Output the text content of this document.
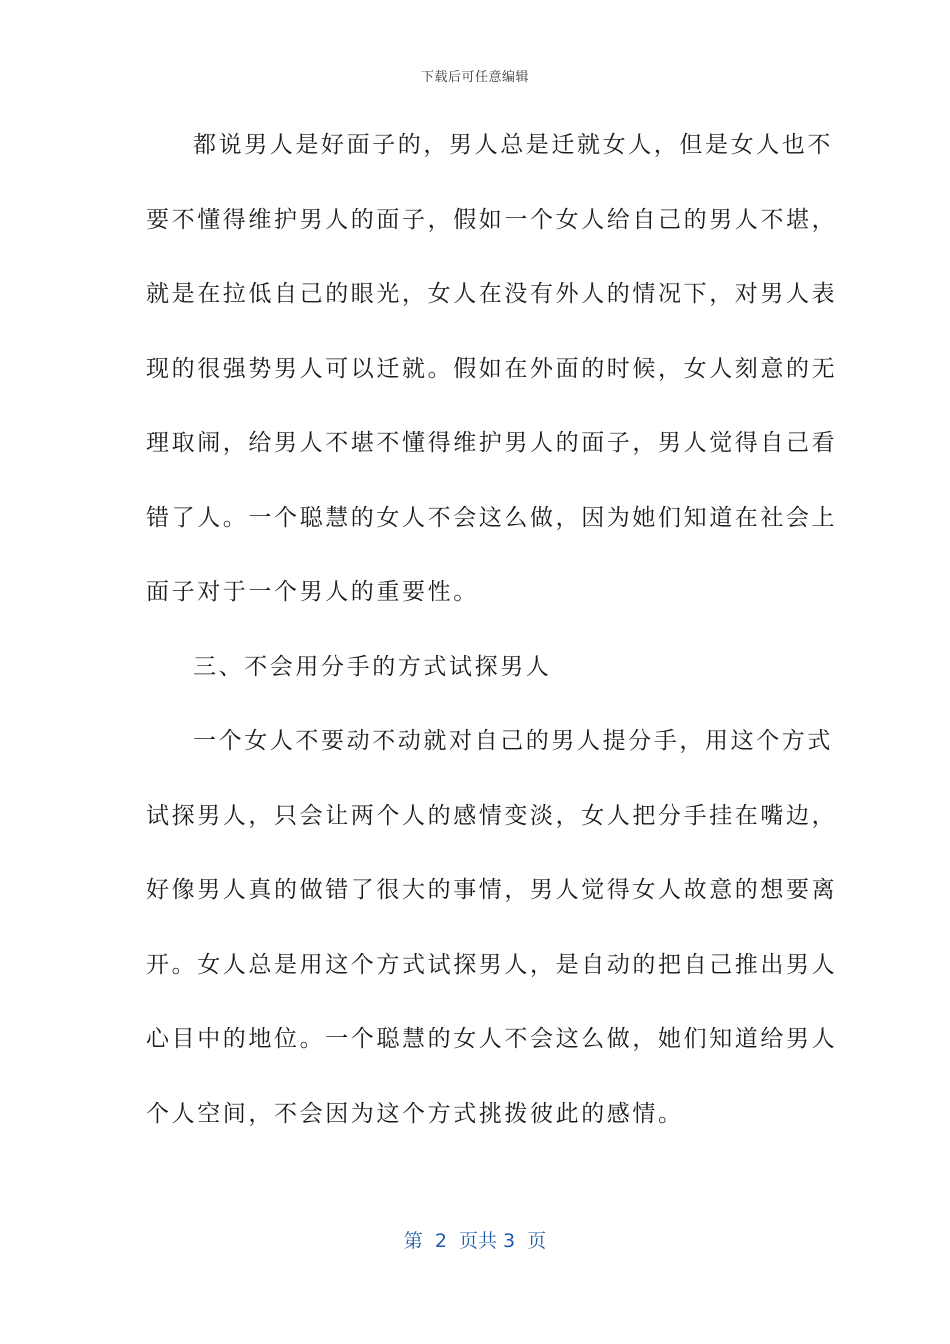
下载后可任意编辑
都说男人是好面子的，男人总是迁就女人，但是女人也不
要不懂得维护男人的面子，假如一个女人给自己的男人不堪，
就是在拉低自己的眼光，女人在没有外人的情况下，对男人表
现的很强势男人可以迁就。假如在外面的时候，女人刻意的无
理取闹，给男人不堪不懂得维护男人的面子，男人觉得自己看
错了人。一个聪慧的女人不会这么做，因为她们知道在社会上
面子对于一个男人的重要性。
三、不会用分手的方式试探男人
一个女人不要动不动就对自己的男人提分手，用这个方式
试探男人，只会让两个人的感情变淡，女人把分手挂在嘴边，
好像男人真的做错了很大的事情，男人觉得女人故意的想要离
开。女人总是用这个方式试探男人，是自动的把自己推出男人
心目中的地位。一个聪慧的女人不会这么做，她们知道给男人
个人空间，不会因为这个方式挑拨彼此的感情。
第  2  页共 3  页
